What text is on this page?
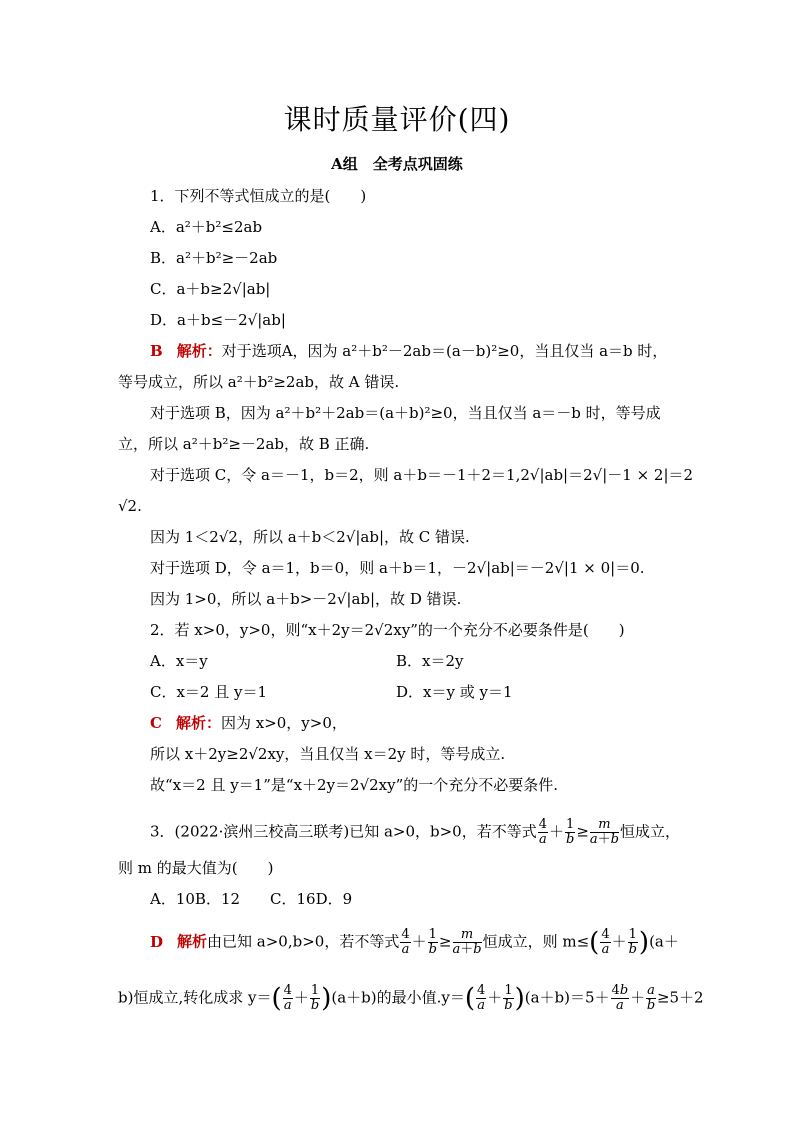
课时质量评价(四)
A组　全考点巩固练
1．下列不等式恒成立的是(　　)
A．a²＋b²≤2ab
B．a²＋b²≥－2ab
C．a＋b≥2√|ab|
D．a＋b≤－2√|ab|
B 解析：对于选项A，因为 a²＋b²－2ab＝(a－b)²≥0，当且仅当 a＝b 时，
等号成立，所以 a²＋b²≥2ab，故 A 错误.
对于选项 B，因为 a²＋b²＋2ab＝(a＋b)²≥0，当且仅当 a＝－b 时，等号成
立，所以 a²＋b²≥－2ab，故 B 正确.
对于选项 C，令 a＝－1，b＝2，则 a＋b＝－1＋2＝1,2√|ab|＝2√|－1 × 2|＝2
√2.
因为 1＜2√2，所以 a＋b＜2√|ab|，故 C 错误.
对于选项 D，令 a＝1，b＝0，则 a＋b＝1，－2√|ab|＝－2√|1 × 0|＝0.
因为 1>0，所以 a＋b>－2√|ab|，故 D 错误.
2．若 x>0，y>0，则“x＋2y＝2√2xy”的一个充分不必要条件是(　　)
A．x＝y	B．x＝2y
C．x＝2 且 y＝1	D．x＝y 或 y＝1
C 解析：因为 x>0，y>0，
所以 x＋2y≥2√2xy，当且仅当 x＝2y 时，等号成立.
故“x＝2 且 y＝1”是“x＋2y＝2√2xy”的一个充分不必要条件.
3．(2022·滨州三校高三联考)已知 a>0，b>0，若不等式 $\frac{4}{a} + \frac{1}{b} \ge \frac{m}{a+b}$ 恒成立，
则 m 的最大值为(　　)
A．10B．12　　C．16D．9
D 解析由已知 a>0,b>0，若不等式 $\frac{4}{a} + \frac{1}{b} \ge \frac{m}{a+b}$ 恒成立，则 $m\le( \frac{4}{a} + \frac{1}{b} )(a+$
b)恒成立,转化成求 $y=( \frac{4}{a} + \frac{1}{b} )(a+b)$的最小值$.y=( \frac{4}{a} + \frac{1}{b} )(a+b)=5+ \frac{4b}{a} + \frac{a}{b} \ge 5+2$
